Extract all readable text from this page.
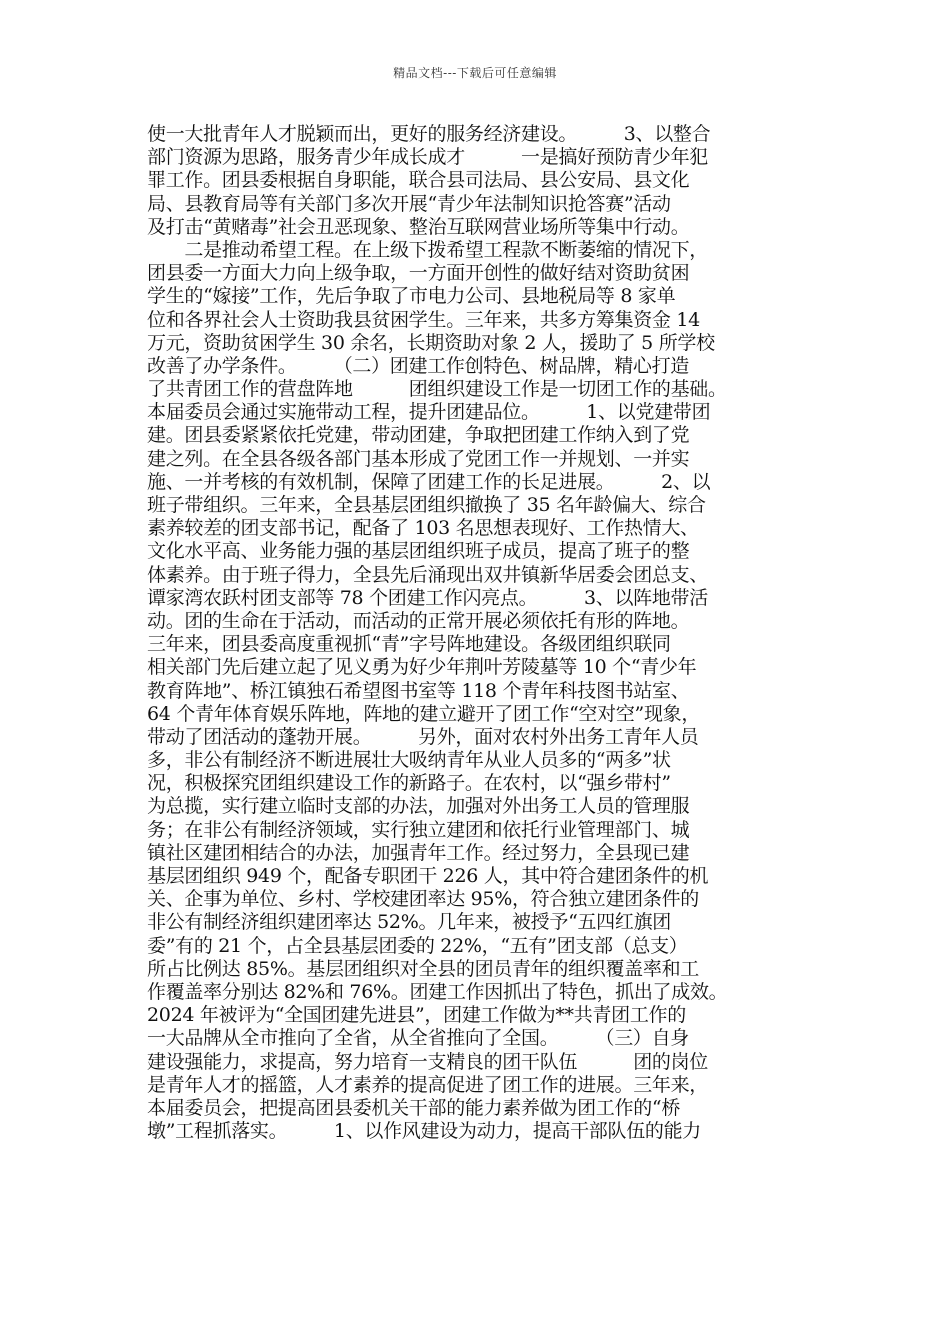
精品文档---下载后可任意编辑
使一大批青年人才脱颖而出，更好的服务经济建设。　　　3、以整合
部门资源为思路，服务青少年成长成才　　　一是搞好预防青少年犯
罪工作。团县委根据自身职能，联合县司法局、县公安局、县文化
局、县教育局等有关部门多次开展“青少年法制知识抢答赛”活动
及打击“黄赌毒”社会丑恶现象、整治互联网营业场所等集中行动。
　　二是推动希望工程。在上级下拨希望工程款不断萎缩的情况下，
团县委一方面大力向上级争取，一方面开创性的做好结对资助贫困
学生的“嫁接”工作，先后争取了市电力公司、县地税局等 8 家单
位和各界社会人士资助我县贫困学生。三年来，共多方筹集资金 14
万元，资助贫困学生 30 余名，长期资助对象 2 人，援助了 5 所学校
改善了办学条件。　　　（二）团建工作创特色、树品牌，精心打造
了共青团工作的营盘阵地　　　团组织建设工作是一切团工作的基础。
本届委员会通过实施带动工程，提升团建品位。　　　1、以党建带团
建。团县委紧紧依托党建，带动团建，争取把团建工作纳入到了党
建之列。在全县各级各部门基本形成了党团工作一并规划、一并实
施、一并考核的有效机制，保障了团建工作的长足进展。　　　2、以
班子带组织。三年来，全县基层团组织撤换了 35 名年龄偏大、综合
素养较差的团支部书记，配备了 103 名思想表现好、工作热情大、
文化水平高、业务能力强的基层团组织班子成员，提高了班子的整
体素养。由于班子得力，全县先后涌现出双井镇新华居委会团总支、
谭家湾农跃村团支部等 78 个团建工作闪亮点。　　　3、以阵地带活
动。团的生命在于活动，而活动的正常开展必须依托有形的阵地。
三年来，团县委高度重视抓“青”字号阵地建设。各级团组织联同
相关部门先后建立起了见义勇为好少年荆叶芳陵墓等 10 个“青少年
教育阵地”、桥江镇独石希望图书室等 118 个青年科技图书站室、
64 个青年体育娱乐阵地，阵地的建立避开了团工作“空对空”现象，
带动了团活动的蓬勃开展。　　　另外，面对农村外出务工青年人员
多，非公有制经济不断进展壮大吸纳青年从业人员多的“两多”状
况，积极探究团组织建设工作的新路子。在农村，以“强乡带村”
为总揽，实行建立临时支部的办法，加强对外出务工人员的管理服
务；在非公有制经济领域，实行独立建团和依托行业管理部门、城
镇社区建团相结合的办法，加强青年工作。经过努力，全县现已建
基层团组织 949 个，配备专职团干 226 人，其中符合建团条件的机
关、企事为单位、乡村、学校建团率达 95%，符合独立建团条件的
非公有制经济组织建团率达 52%。几年来，被授予“五四红旗团
委”有的 21 个，占全县基层团委的 22%，“五有”团支部（总支）
所占比例达 85%。基层团组织对全县的团员青年的组织覆盖率和工
作覆盖率分别达 82%和 76%。团建工作因抓出了特色，抓出了成效。
2024 年被评为“全国团建先进县”，团建工作做为**共青团工作的
一大品牌从全市推向了全省，从全省推向了全国。　　　（三）自身
建设强能力，求提高，努力培育一支精良的团干队伍　　　团的岗位
是青年人才的摇篮，人才素养的提高促进了团工作的进展。三年来，
本届委员会，把提高团县委机关干部的能力素养做为团工作的“桥
墩”工程抓落实。　　　1、以作风建设为动力，提高干部队伍的能力
